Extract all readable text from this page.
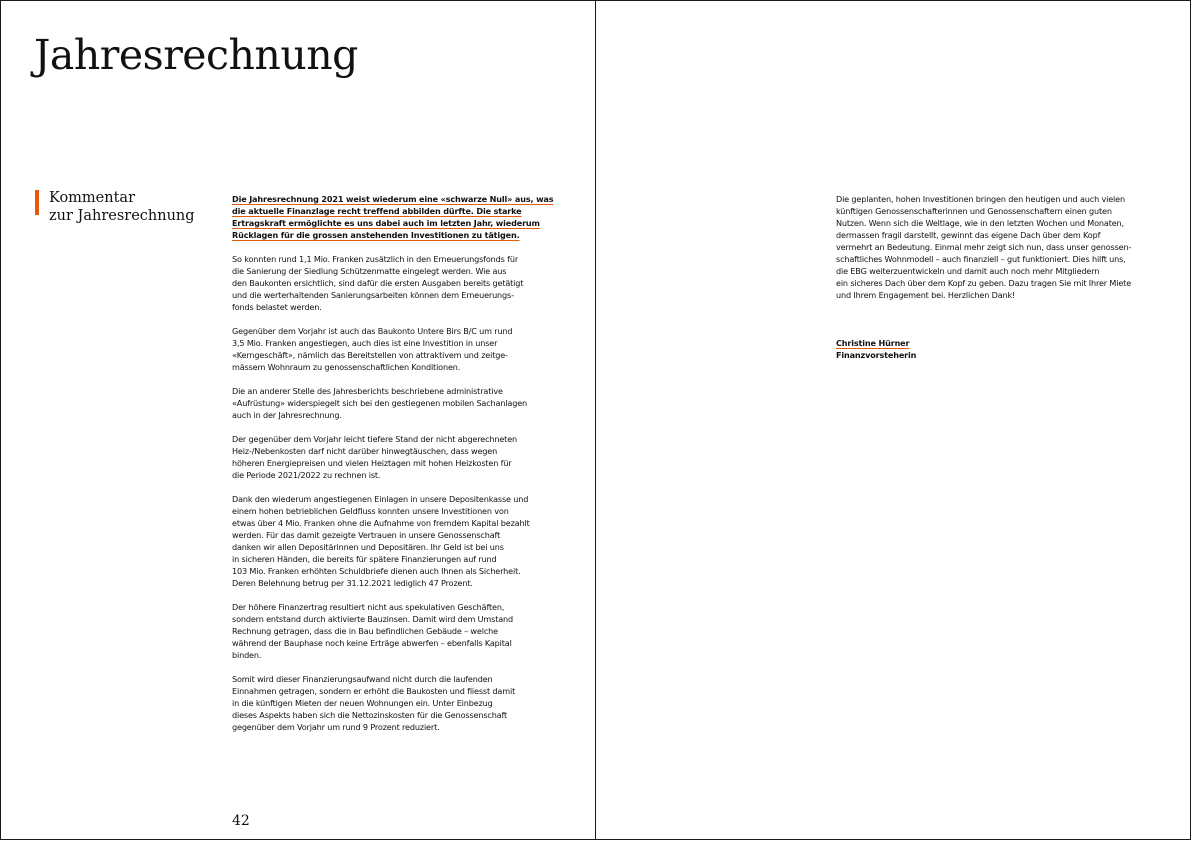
Jahresrechnung
Kommentar
zur Jahresrechnung
42
Die Jahresrechnung 2021 weist wiederum eine «schwarze Null» aus, was
die aktuelle Finanzlage recht treffend abbilden dürfte. Die starke
Ertragskraft ermöglichte es uns dabei auch im letzten Jahr, wiederum
Rücklagen für die grossen anstehenden Investitionen zu tätigen.
So konnten rund 1,1 Mio. Franken zusätzlich in den Erneuerungsfonds für
die Sanierung der Siedlung Schützenmatte eingelegt werden. Wie aus
den Baukonten ersichtlich, sind dafür die ersten Ausgaben bereits getätigt
und die werterhaltenden Sanierungsarbeiten können dem Erneuerungs-
fonds belastet werden.
Gegenüber dem Vorjahr ist auch das Baukonto Untere Birs B/C um rund
3,5 Mio. Franken angestiegen, auch dies ist eine Investition in unser
«Kerngeschäft», nämlich das Bereitstellen von attraktivem und zeitge-
mässem Wohnraum zu genossenschaftlichen Konditionen.
Die an anderer Stelle des Jahresberichts beschriebene administrative
«Aufrüstung» widerspiegelt sich bei den gestiegenen mobilen Sachanlagen
auch in der Jahresrechnung.
Der gegenüber dem Vorjahr leicht tiefere Stand der nicht abgerechneten
Heiz-/Nebenkosten darf nicht darüber hinwegtäuschen, dass wegen
höheren Energiepreisen und vielen Heiztagen mit hohen Heizkosten für
die Periode 2021/2022 zu rechnen ist.
Dank den wiederum angestiegenen Einlagen in unsere Depositenkasse und
einem hohen betrieblichen Geldfluss konnten unsere Investitionen von
etwas über 4 Mio. Franken ohne die Aufnahme von fremdem Kapital bezahlt
werden. Für das damit gezeigte Vertrauen in unsere Genossenschaft
danken wir allen Depositärinnen und Depositären. Ihr Geld ist bei uns
in sicheren Händen, die bereits für spätere Finanzierungen auf rund
103 Mio. Franken erhöhten Schuldbriefe dienen auch Ihnen als Sicherheit.
Deren Belehnung betrug per 31.12.2021 lediglich 47 Prozent.
Der höhere Finanzertrag resultiert nicht aus spekulativen Geschäften,
sondern entstand durch aktivierte Bauzinsen. Damit wird dem Umstand
Rechnung getragen, dass die in Bau befindlichen Gebäude – welche
während der Bauphase noch keine Erträge abwerfen – ebenfalls Kapital
binden.
Somit wird dieser Finanzierungsaufwand nicht durch die laufenden
Einnahmen getragen, sondern er erhöht die Baukosten und fliesst damit
in die künftigen Mieten der neuen Wohnungen ein. Unter Einbezug
dieses Aspekts haben sich die Nettozinskosten für die Genossenschaft
gegenüber dem Vorjahr um rund 9 Prozent reduziert.
Die geplanten, hohen Investitionen bringen den heutigen und auch vielen
künftigen Genossenschafterinnen und Genossenschaftern einen guten
Nutzen. Wenn sich die Weltlage, wie in den letzten Wochen und Monaten,
dermassen fragil darstellt, gewinnt das eigene Dach über dem Kopf
vermehrt an Bedeutung. Einmal mehr zeigt sich nun, dass unser genossen-
schaftliches Wohnmodell – auch finanziell – gut funktioniert. Dies hilft uns,
die EBG weiterzuentwickeln und damit auch noch mehr Mitgliedern
ein sicheres Dach über dem Kopf zu geben. Dazu tragen Sie mit Ihrer Miete
und Ihrem Engagement bei. Herzlichen Dank!
Christine Hürner
Finanzvorsteherin
